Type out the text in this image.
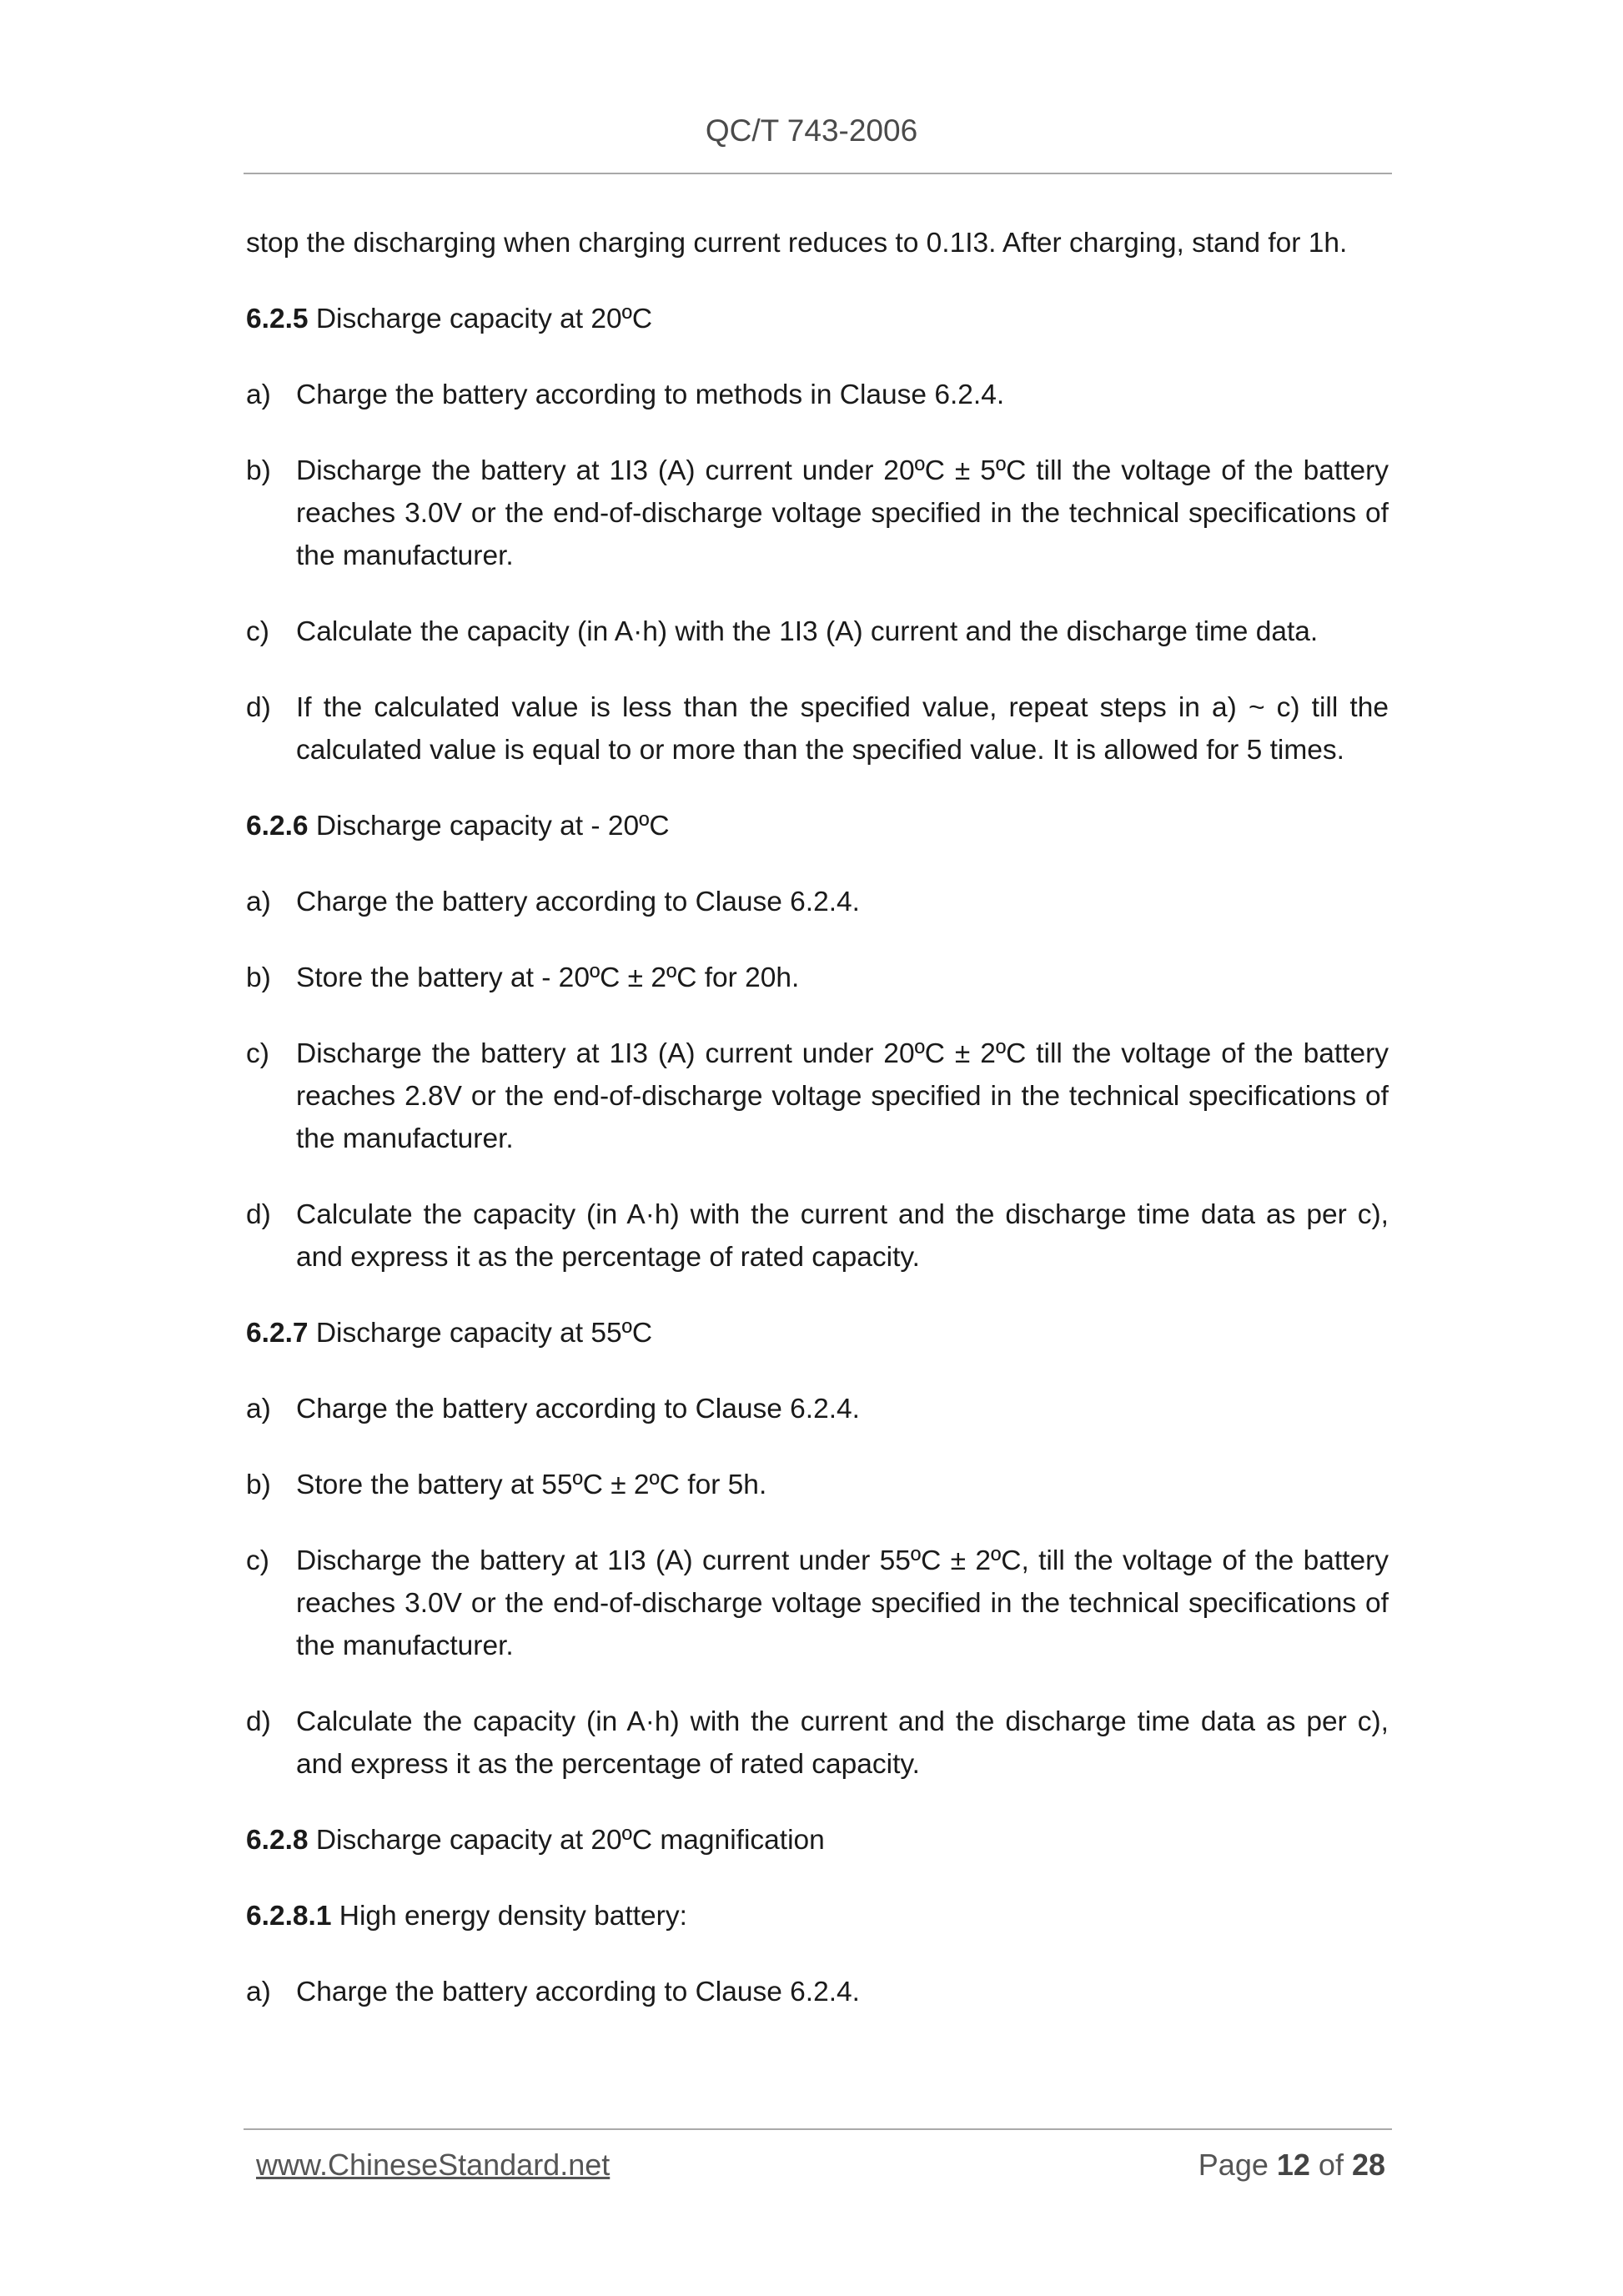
QC/T 743-2006
stop the discharging when charging current reduces to 0.1I3. After charging, stand for 1h.
6.2.5 Discharge capacity at 20ºC
a) Charge the battery according to methods in Clause 6.2.4.
b) Discharge the battery at 1I3 (A) current under 20ºC ± 5ºC till the voltage of the battery reaches 3.0V or the end-of-discharge voltage specified in the technical specifications of the manufacturer.
c) Calculate the capacity (in A·h) with the 1I3 (A) current and the discharge time data.
d) If the calculated value is less than the specified value, repeat steps in a) ~ c) till the calculated value is equal to or more than the specified value. It is allowed for 5 times.
6.2.6 Discharge capacity at - 20ºC
a) Charge the battery according to Clause 6.2.4.
b) Store the battery at - 20ºC ± 2ºC for 20h.
c) Discharge the battery at 1I3 (A) current under 20ºC ± 2ºC till the voltage of the battery reaches 2.8V or the end-of-discharge voltage specified in the technical specifications of the manufacturer.
d) Calculate the capacity (in A·h) with the current and the discharge time data as per c), and express it as the percentage of rated capacity.
6.2.7 Discharge capacity at 55ºC
a) Charge the battery according to Clause 6.2.4.
b) Store the battery at 55ºC ± 2ºC for 5h.
c) Discharge the battery at 1I3 (A) current under 55ºC ± 2ºC, till the voltage of the battery reaches 3.0V or the end-of-discharge voltage specified in the technical specifications of the manufacturer.
d) Calculate the capacity (in A·h) with the current and the discharge time data as per c), and express it as the percentage of rated capacity.
6.2.8 Discharge capacity at 20ºC magnification
6.2.8.1 High energy density battery:
a) Charge the battery according to Clause 6.2.4.
www.ChineseStandard.net	Page 12 of 28
